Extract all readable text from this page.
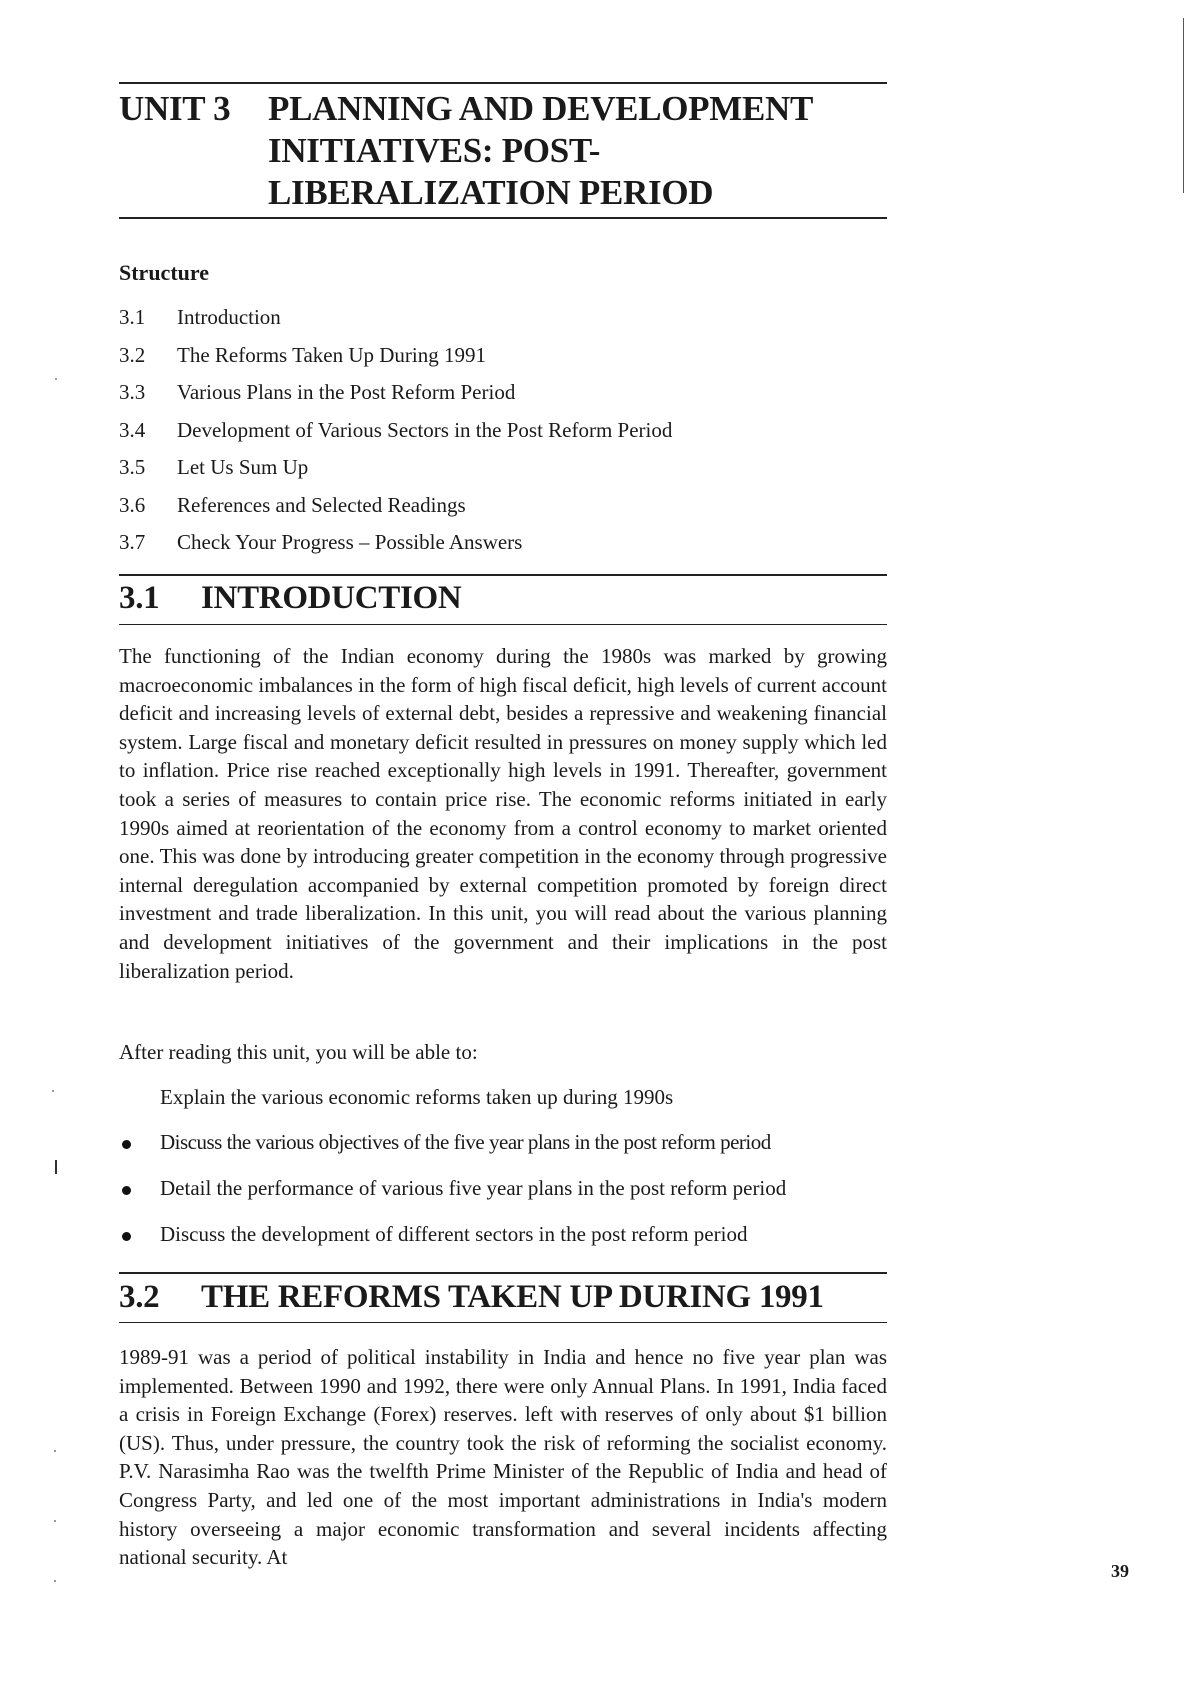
UNIT 3 PLANNING AND DEVELOPMENT
INITIATIVES: POST-
LIBERALIZATION PERIOD
Structure
3.1 Introduction
3.2 The Reforms Taken Up During 1991
3.3 Various Plans in the Post Reform Period
3.4 Development of Various Sectors in the Post Reform Period
3.5 Let Us Sum Up
3.6 References and Selected Readings
3.7 Check Your Progress – Possible Answers
3.1 INTRODUCTION

The functioning of the Indian economy during the 1980s was marked by growing macroeconomic imbalances in the form of high fiscal deficit, high levels of current account deficit and increasing levels of external debt, besides a repressive and weakening financial system. Large fiscal and monetary deficit resulted in pressures on money supply which led to inflation. Price rise reached exceptionally high levels in 1991. Thereafter, government took a series of measures to contain price rise. The economic reforms initiated in early 1990s aimed at reorientation of the economy from a control economy to market oriented one. This was done by introducing greater competition in the economy through progressive internal deregulation accompanied by external competition promoted by foreign direct investment and trade liberalization. In this unit, you will read about the various planning and development initiatives of the government and their implications in the post liberalization period.

After reading this unit, you will be able to:
Explain the various economic reforms taken up during 1990s
Discuss the various objectives of the five year plans in the post reform period
Detail the performance of various five year plans in the post reform period
Discuss the development of different sectors in the post reform period
3.2 THE REFORMS TAKEN UP DURING 1991

1989-91 was a period of political instability in India and hence no five year plan was implemented. Between 1990 and 1992, there were only Annual Plans. In 1991, India faced a crisis in Foreign Exchange (Forex) reserves. left with reserves of only about $1 billion (US). Thus, under pressure, the country took the risk of reforming the socialist economy. P.V. Narasimha Rao was the twelfth Prime Minister of the Republic of India and head of Congress Party, and led one of the most important administrations in India's modern history overseeing a major economic transformation and several incidents affecting national security. At

39
